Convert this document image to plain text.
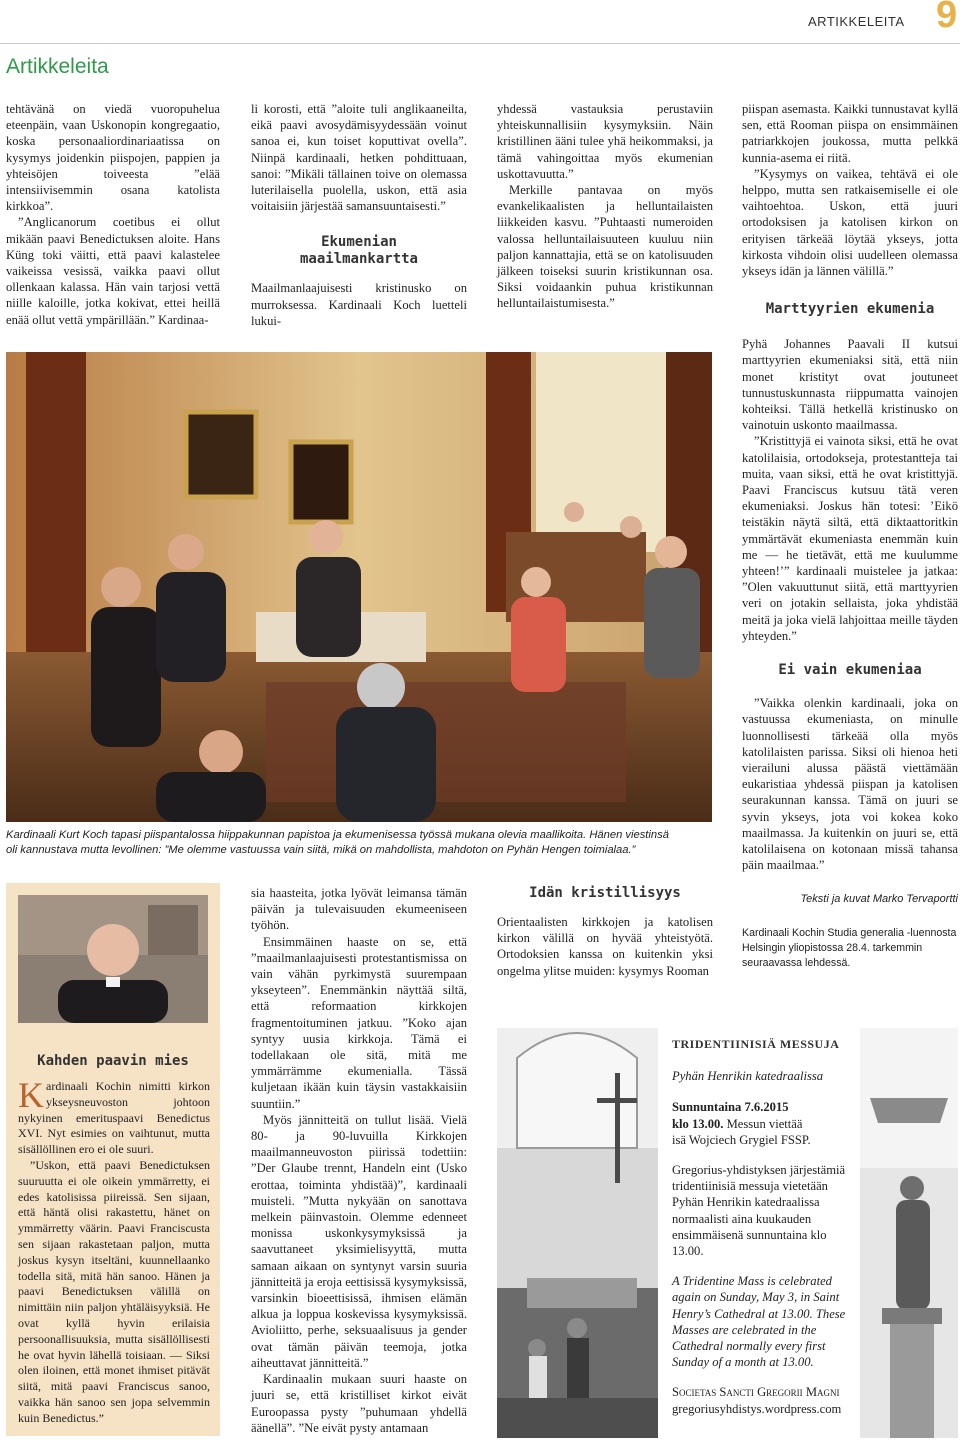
ARTIKKELEITA 9
Artikkeleita

tehtävänä on viedä vuoropuhelua eteenpäin, vaan Uskonopin kongregaatio, koska personaaliordinariaatissa on kysymys joidenkin piispojen, pappien ja yhteisöjen toiveesta ”elää intensiivisemmin osana katolista kirkkoa”.

”Anglicanorum coetibus ei ollut mikään paavi Benedictuksen aloite. Hans Küng toki väitti, että paavi kalastelee vaikeissa vesissä, vaikka paavi ollut ollenkaan kalassa. Hän vain tarjosi vettä niille kaloille, jotka kokivat, ettei heillä enää ollut vettä ympärillään.” Kardinaa-

li korosti, että ”aloite tuli anglikaaneilta, eikä paavi avosydämisyydessään voinut sanoa ei, kun toiset koputtivat ovella”. Niinpä kardinaali, hetken pohdittuaan, sanoi: ”Mikäli tällainen toive on olemassa luterilaisella puolella, uskon, että asia voitaisiin järjestää samansuuntaisesti.”

Ekumenian maailmankartta

Maailmanlaajuisesti kristinusko on murroksessa. Kardinaali Koch luetteli lukui-

yhdessä vastauksia perustaviin yhteiskunnallisiin kysymyksiin. Näin kristillinen ääni tulee yhä heikommaksi, ja tämä vahingoittaa myös ekumenian uskottavuutta.”

Merkille pantavaa on myös evankelikaalisten ja helluntailaisten liikkeiden kasvu. ”Puhtaasti numeroiden valossa helluntailaisuuteen kuuluu niin paljon kannattajia, että se on katolisuuden jälkeen toiseksi suurin kristikunnan osa. Siksi voidaankin puhua kristikunnan helluntailaistumisesta.”

piispan asemasta. Kaikki tunnustavat kyllä sen, että Rooman piispa on ensimmäinen patriarkkojen joukossa, mutta pelkkä kunnia-asema ei riitä.

”Kysymys on vaikea, tehtävä ei ole helppo, mutta sen ratkaisemiselle ei ole vaihtoehtoa. Uskon, että juuri ortodoksisen ja katolisen kirkon on erityisen tärkeää löytää ykseys, jotta kirkosta vihdoin olisi uudelleen olemassa ykseys idän ja lännen välillä.”

Marttyyrien ekumenia

Pyhä Johannes Paavali II kutsui marttyyrien ekumeniaksi sitä, että niin monet kristityt ovat joutuneet tunnustuskunnasta riippumatta vainojen kohteiksi. Tällä hetkellä kristinusko on vainotuin uskonto maailmassa.

”Kristittyjä ei vainota siksi, että he ovat katolilaisia, ortodokseja, protestantteja tai muita, vaan siksi, että he ovat kristittyjä. Paavi Franciscus kutsuu tätä veren ekumeniaksi. Joskus hän totesi: ’Eikö teistäkin näytä siltä, että diktaattoritkin ymmärtävät ekumeniasta enemmän kuin me — he tietävät, että me kuulumme yhteen!’” kardinaali muistelee ja jatkaa: ”Olen vakuuttunut siitä, että marttyyrien veri on jotakin sellaista, joka yhdistää meitä ja joka vielä lahjoittaa meille täyden yhteyden.”

Ei vain ekumeniaa

”Vaikka olenkin kardinaali, joka on vastuussa ekumeniasta, on minulle luonnollisesti tärkeää olla myös katolilaisten parissa. Siksi oli hienoa heti vierailuni alussa päästä viettämään eukaristiaa yhdessä piispan ja katolisen seurakunnan kanssa. Tämä on juuri se syvin ykseys, jota voi kokea koko maailmassa. Ja kuitenkin on juuri se, että katolilaisena on kotonaan missä tahansa päin maailmaa.”

Teksti ja kuvat Marko Tervaportti
Kardinaali Kochin Studia generalia -luennosta Helsingin yliopistossa 28.4. tarkemmin seuraavassa lehdessä.
Kardinaali Kurt Koch tapasi piispantalossa hiippakunnan papistoa ja ekumenisessa työssä mukana olevia maallikoita. Hänen viestinsä
oli kannustava mutta levollinen: ”Me olemme vastuussa vain siitä, mikä on mahdollista, mahdoton on Pyhän Hengen toimialaa.”
Kahden paavin mies

K ardinaali Kochin nimitti kirkon ykseysneuvoston johtoon nykyinen emerituspaavi Benedictus XVI. Nyt esimies on vaihtunut, mutta sisällöllinen ero ei ole suuri.

”Uskon, että paavi Benedictuksen suuruutta ei ole oikein ymmärretty, ei edes katolisissa piireissä. Sen sijaan, että häntä olisi rakastettu, hänet on ymmärretty väärin. Paavi Franciscusta sen sijaan rakastetaan paljon, mutta joskus kysyn itseltäni, kuunnellaanko todella sitä, mitä hän sanoo. Hänen ja paavi Benedictuksen välillä on nimittäin niin paljon yhtäläisyyksiä. He ovat kyllä hyvin erilaisia persoonallisuuksia, mutta sisällöllisesti he ovat hyvin lähellä toisiaan. — Siksi olen iloinen, että monet ihmiset pitävät siitä, mitä paavi Franciscus sanoo, vaikka hän sanoo sen jopa selvemmin kuin Benedictus.”

sia haasteita, jotka lyövät leimansa tämän päivän ja tulevaisuuden ekumeeniseen työhön.

Ensimmäinen haaste on se, että ”maailmanlaajuisesti protestantismissa on vain vähän pyrkimystä suurempaan ykseyteen”. Enemmänkin näyttää siltä, että reformaation kirkkojen fragmentoituminen jatkuu. ”Koko ajan syntyy uusia kirkkoja. Tämä ei todellakaan ole sitä, mitä me ymmärrämme ekumenialla. Tässä kuljetaan ikään kuin täysin vastakkaisiin suuntiin.”

Myös jännitteitä on tullut lisää. Vielä 80- ja 90-luvuilla Kirkkojen maailmanneuvoston piirissä todettiin: ”Der Glaube trennt, Handeln eint (Usko erottaa, toiminta yhdistää)”, kardinaali muisteli. ”Mutta nykyään on sanottava melkein päinvastoin. Olemme edenneet monissa uskonkysymyksissä ja saavuttaneet yksimielisyyttä, mutta samaan aikaan on syntynyt varsin suuria jännitteitä ja eroja eettisissä kysymyksissä, varsinkin bioeettisissä, ihmisen elämän alkua ja loppua koskevissa kysymyksissä. Avioliitto, perhe, seksuaalisuus ja gender ovat tämän päivän teemoja, jotka aiheuttavat jännitteitä.”

Kardinaalin mukaan suuri haaste on juuri se, että kristilliset kirkot eivät Euroopassa pysty ”puhumaan yhdellä äänellä”. ”Ne eivät pysty antamaan

Idän kristillisyys

Orientaalisten kirkkojen ja katolisen kirkon välillä on hyvää yhteistyötä. Ortodoksien kanssa on kuitenkin yksi ongelma ylitse muiden: kysymys Rooman

TRIDENTIINISIÄ MESSUJA
Pyhän Henrikin katedraalissa
Sunnuntaina 7.6.2015
klo 13.00. Messun viettää
isä Wojciech Grygiel FSSP.
Gregorius-yhdistyksen järjestämiä tridentiinisiä messuja vietetään Pyhän Henrikin katedraalissa normaalisti aina kuukauden ensimmäisenä sunnuntaina klo 13.00.
A Tridentine Mass is celebrated again on Sunday, May 3, in Saint Henry’s Cathedral at 13.00. These Masses are celebrated in the Cathedral normally every first Sunday of a month at 13.00.
Societas Sancti Gregorii Magni
gregoriusyhdistys.wordpress.com
